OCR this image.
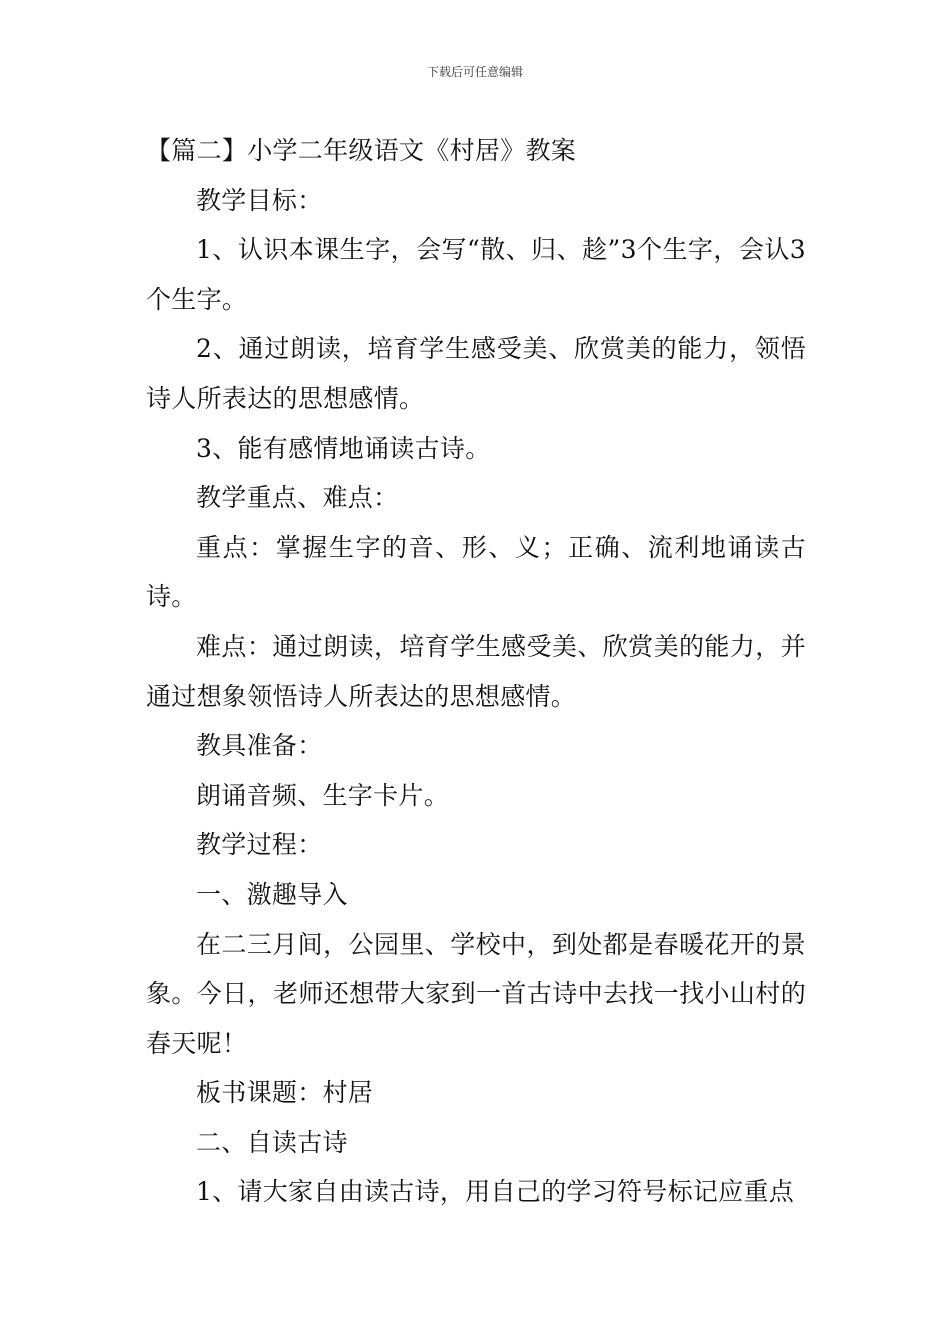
下载后可任意编辑

【篇二】小学二年级语文《村居》教案

教学目标：

1、认识本课生字，会写“散、归、趁”3个生字，会认3个生字。

2、通过朗读，培育学生感受美、欣赏美的能力，领悟诗人所表达的思想感情。

3、能有感情地诵读古诗。

教学重点、难点：

重点：掌握生字的音、形、义；正确、流利地诵读古诗。

难点：通过朗读，培育学生感受美、欣赏美的能力，并通过想象领悟诗人所表达的思想感情。

教具准备：

朗诵音频、生字卡片。

教学过程：

一、激趣导入

在二三月间，公园里、学校中，到处都是春暖花开的景象。今日，老师还想带大家到一首古诗中去找一找小山村的春天呢！

板书课题：村居

二、自读古诗

1、请大家自由读古诗，用自己的学习符号标记应重点
